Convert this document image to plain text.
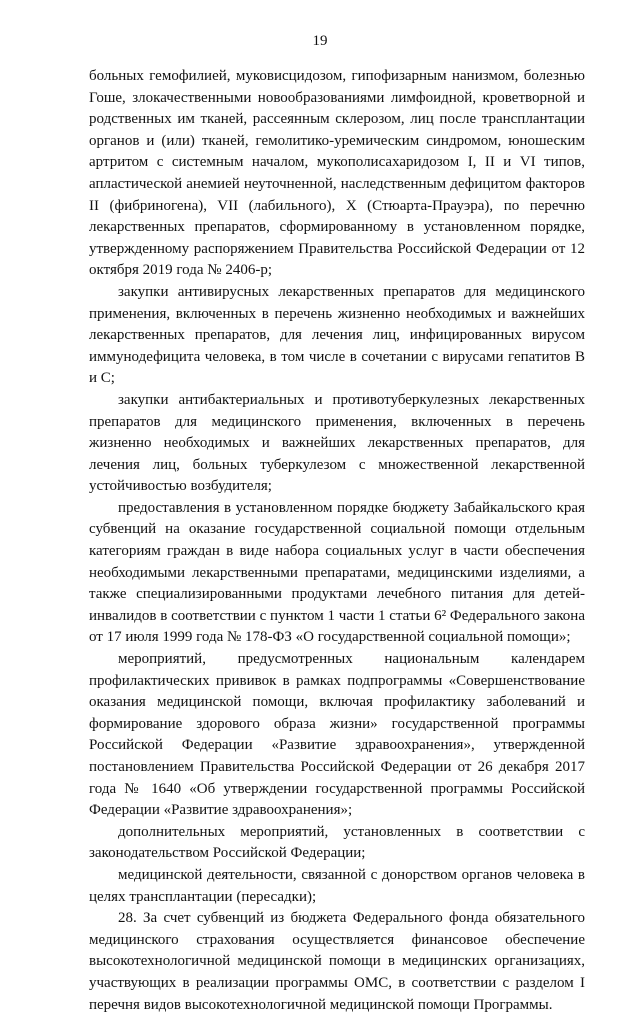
19

больных гемофилией, муковисцидозом, гипофизарным нанизмом, болезнью Гоше, злокачественными новообразованиями лимфоидной, кроветворной и родственных им тканей, рассеянным склерозом, лиц после трансплантации органов и (или) тканей, гемолитико-уремическим синдромом, юношеским артритом с системным началом, мукополисахаридозом I, II и VI типов, апластической анемией неуточненной, наследственным дефицитом факторов II (фибриногена), VII (лабильного), X (Стюарта-Прауэра), по перечню лекарственных препаратов, сформированному в установленном порядке, утвержденному распоряжением Правительства Российской Федерации от 12 октября 2019 года № 2406-р;

закупки антивирусных лекарственных препаратов для медицинского применения, включенных в перечень жизненно необходимых и важнейших лекарственных препаратов, для лечения лиц, инфицированных вирусом иммунодефицита человека, в том числе в сочетании с вирусами гепатитов B и C;

закупки антибактериальных и противотуберкулезных лекарственных препаратов для медицинского применения, включенных в перечень жизненно необходимых и важнейших лекарственных препаратов, для лечения лиц, больных туберкулезом с множественной лекарственной устойчивостью возбудителя;

предоставления в установленном порядке бюджету Забайкальского края субвенций на оказание государственной социальной помощи отдельным категориям граждан в виде набора социальных услуг в части обеспечения необходимыми лекарственными препаратами, медицинскими изделиями, а также специализированными продуктами лечебного питания для детей-инвалидов в соответствии с пунктом 1 части 1 статьи 6² Федерального закона от 17 июля 1999 года № 178-ФЗ «О государственной социальной помощи»;

мероприятий, предусмотренных национальным календарем профилактических прививок в рамках подпрограммы «Совершенствование оказания медицинской помощи, включая профилактику заболеваний и формирование здорового образа жизни» государственной программы Российской Федерации «Развитие здравоохранения», утвержденной постановлением Правительства Российской Федерации от 26 декабря 2017 года № 1640 «Об утверждении государственной программы Российской Федерации «Развитие здравоохранения»;

дополнительных мероприятий, установленных в соответствии с законодательством Российской Федерации;

медицинской деятельности, связанной с донорством органов человека в целях трансплантации (пересадки);

28. За счет субвенций из бюджета Федерального фонда обязательного медицинского страхования осуществляется финансовое обеспечение высокотехнологичной медицинской помощи в медицинских организациях, участвующих в реализации программы ОМС, в соответствии с разделом I перечня видов высокотехнологичной медицинской помощи Программы.
